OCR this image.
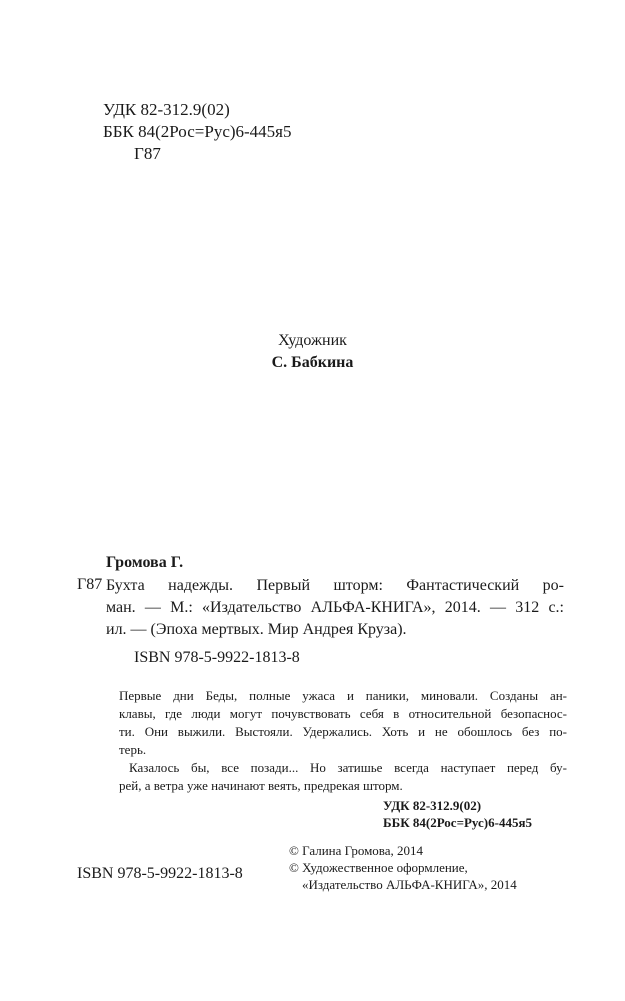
УДК 82-312.9(02)
ББК 84(2Рос=Рус)6-445я5
Г87
Художник
С. Бабкина
Громова Г.
Г87 Бухта надежды. Первый шторм: Фантастический ро-
ман. — М.: «Издательство АЛЬФА-КНИГА», 2014. — 312 с.:
ил. — (Эпоха мертвых. Мир Андрея Круза).
ISBN 978-5-9922-1813-8
Первые дни Беды, полные ужаса и паники, миновали. Созданы ан-
клавы, где люди могут почувствовать себя в относительной безопаснос-
ти. Они выжили. Выстояли. Удержались. Хоть и не обошлось без по-
терь.
Казалось бы, все позади... Но затишье всегда наступает перед бу-
рей, а ветра уже начинают веять, предрекая шторм.
УДК 82-312.9(02)
ББК 84(2Рос=Рус)6-445я5
© Галина Громова, 2014
© Художественное оформление,
«Издательство АЛЬФА-КНИГА», 2014
ISBN 978-5-9922-1813-8
